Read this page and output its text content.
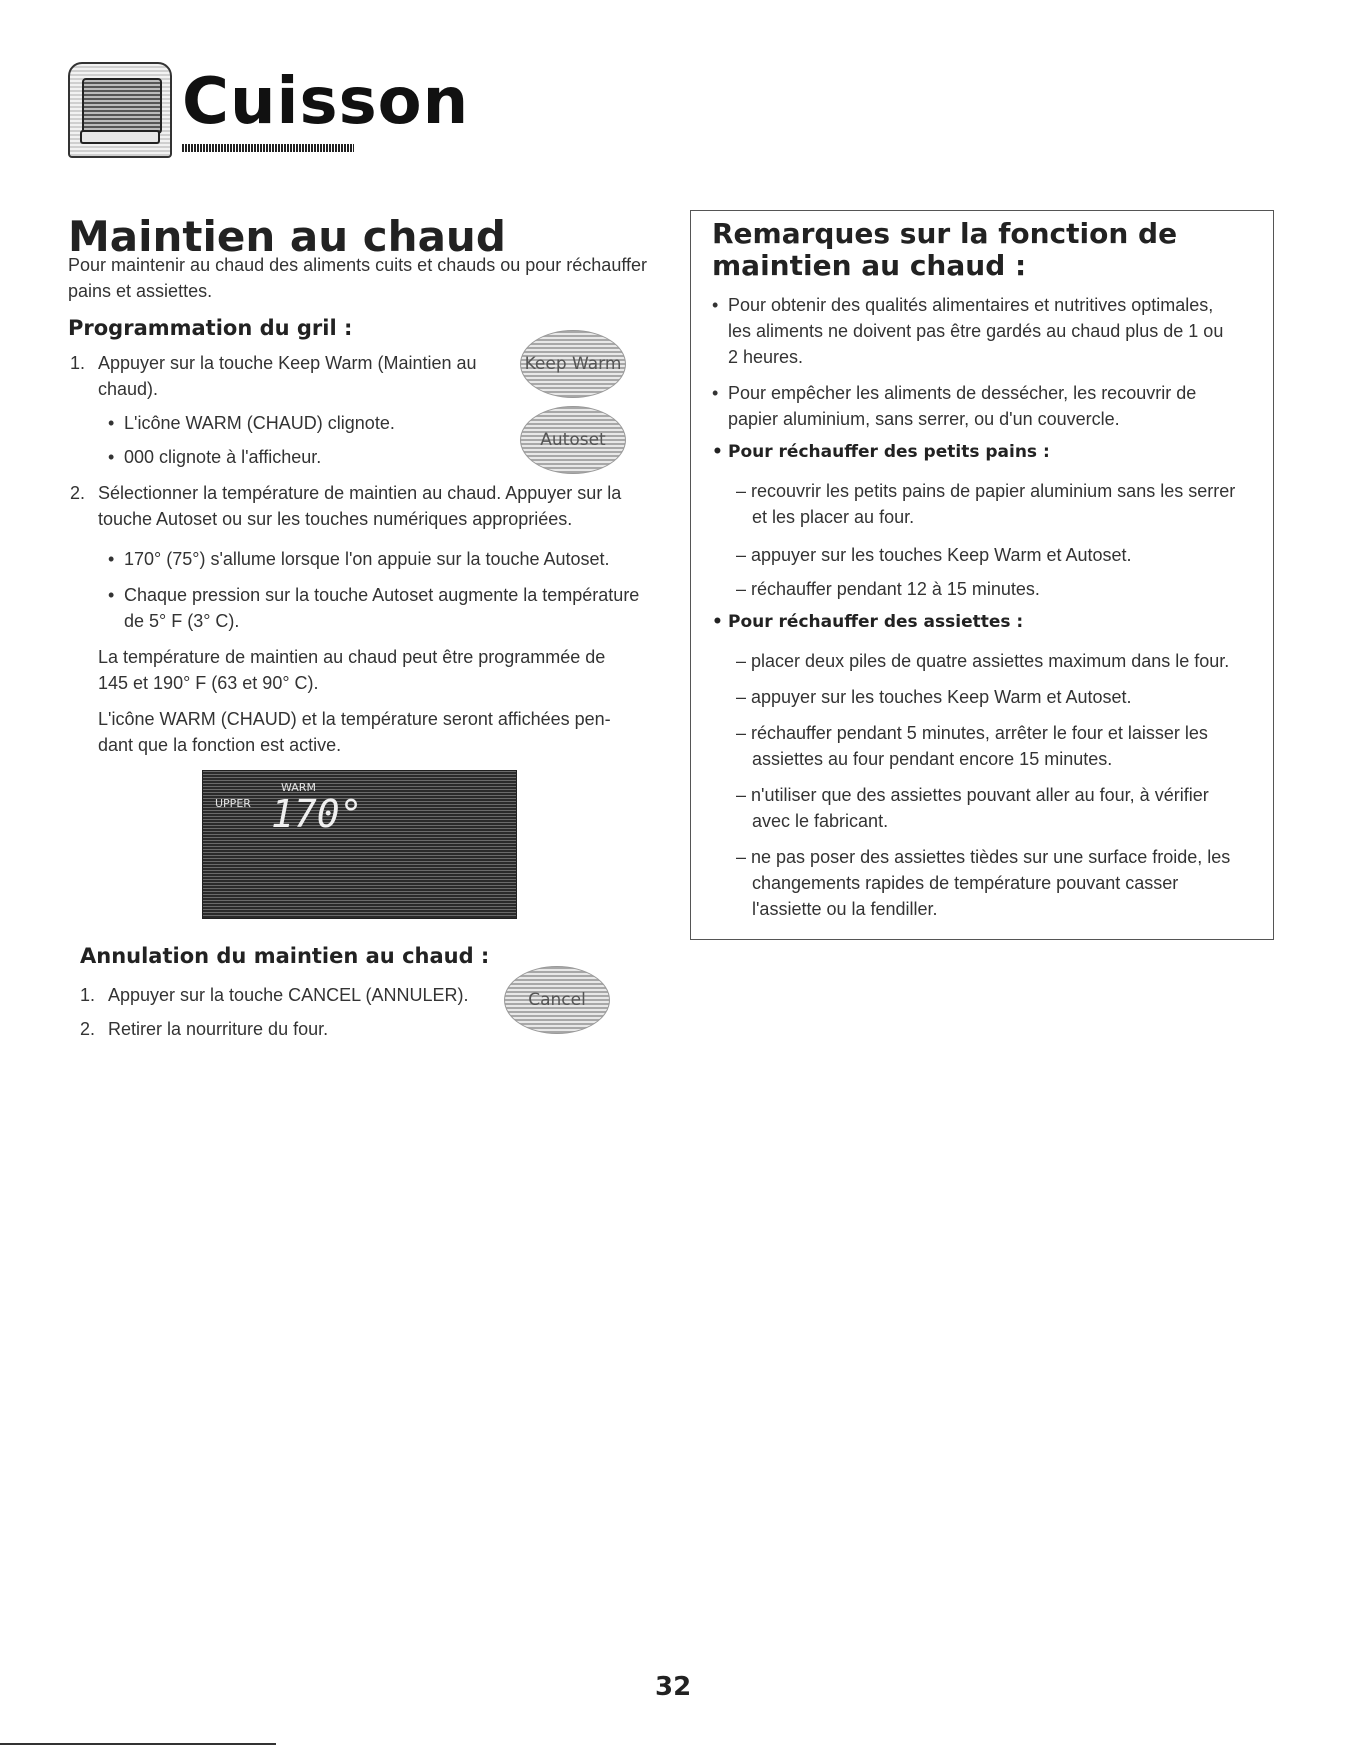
Cuisson
Maintien au chaud
Pour maintenir au chaud des aliments cuits et chauds ou pour réchauffer pains et assiettes.
Programmation du gril :
1. Appuyer sur la touche Keep Warm (Maintien au
chaud).
• L'icône WARM (CHAUD) clignote.
• 000 clignote à l'afficheur.
Keep Warm
Autoset
2. Sélectionner la température de maintien au chaud. Appuyer sur la
touche Autoset ou sur les touches numériques appropriées.
• 170° (75°) s'allume lorsque l'on appuie sur la touche Autoset.
• Chaque pression sur la touche Autoset augmente la température
de 5° F (3° C).
La température de maintien au chaud peut être programmée de
145 et 190° F (63 et 90° C).
L'icône WARM (CHAUD) et la température seront affichées pen-
dant que la fonction est active.
UPPER
WARM
170°
Annulation du maintien au chaud :
1. Appuyer sur la touche CANCEL (ANNULER).
2. Retirer la nourriture du four.
Cancel
Remarques sur la fonction de maintien au chaud :
• Pour obtenir des qualités alimentaires et nutritives optimales,
les aliments ne doivent pas être gardés au chaud plus de 1 ou
2 heures.
• Pour empêcher les aliments de dessécher, les recouvrir de
papier aluminium, sans serrer, ou d'un couvercle.
• Pour réchauffer des petits pains :
– recouvrir les petits pains de papier aluminium sans les serrer
et les placer au four.
– appuyer sur les touches Keep Warm et Autoset.
– réchauffer pendant 12 à 15 minutes.
• Pour réchauffer des assiettes :
– placer deux piles de quatre assiettes maximum dans le four.
– appuyer sur les touches Keep Warm et Autoset.
– réchauffer pendant 5 minutes, arrêter le four et laisser les
assiettes au four pendant encore 15 minutes.
– n'utiliser que des assiettes pouvant aller au four, à vérifier
avec le fabricant.
– ne pas poser des assiettes tièdes sur une surface froide, les
changements rapides de température pouvant casser
l'assiette ou la fendiller.
32
